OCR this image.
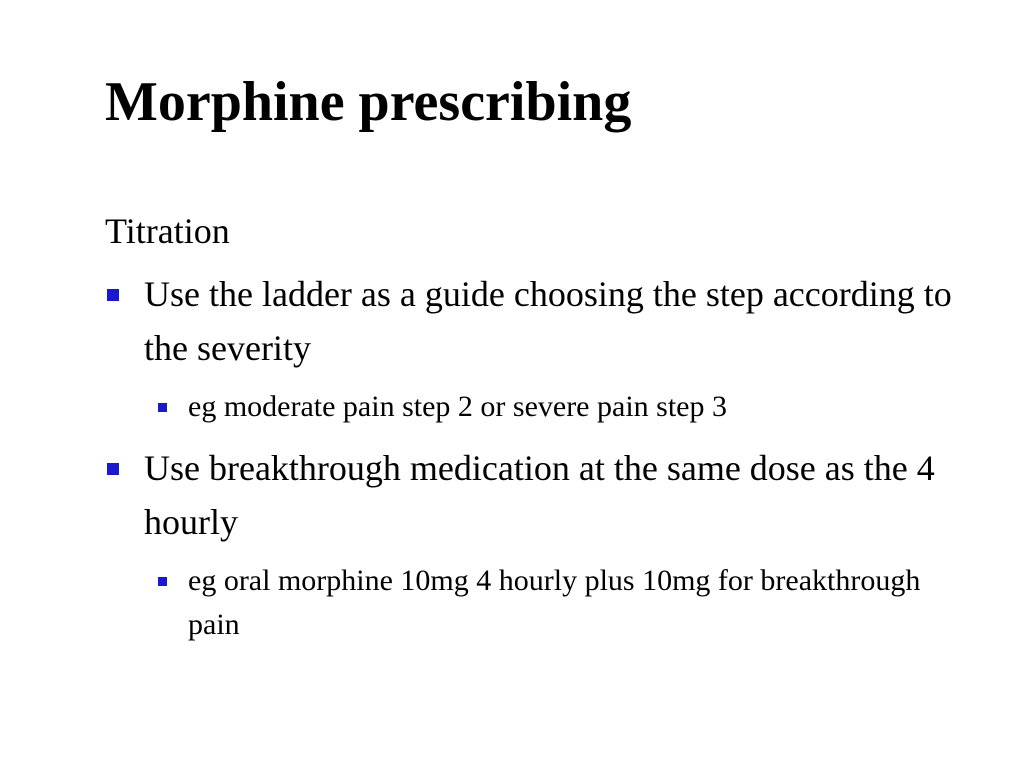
Morphine prescribing
Titration
Use the ladder as a guide choosing the step according to the severity
eg moderate pain step 2 or severe pain step 3
Use breakthrough medication at the same dose as the 4 hourly
eg oral morphine 10mg 4 hourly plus 10mg for breakthrough pain
